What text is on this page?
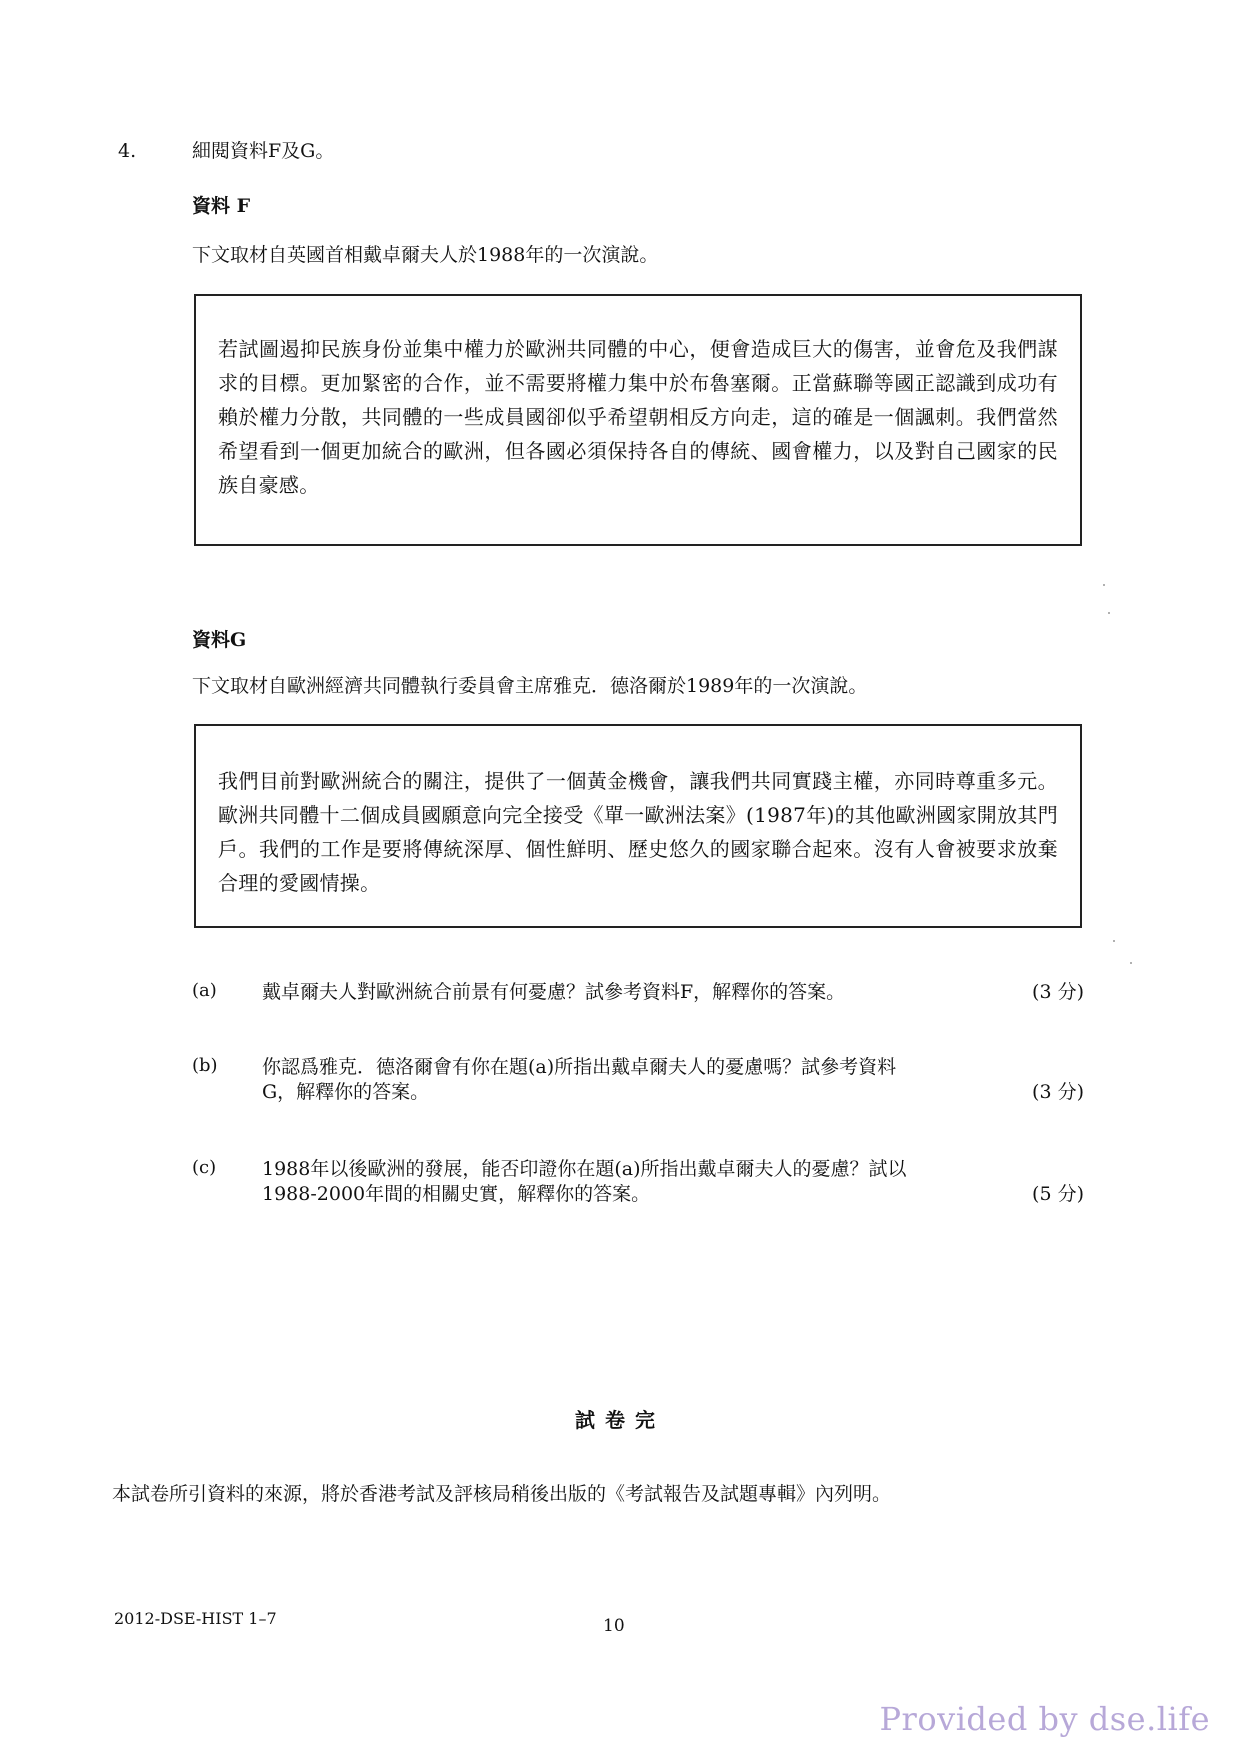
4.	細閱資料F及G。
資料 F
下文取材自英國首相戴卓爾夫人於1988年的一次演說。

若試圖遏抑民族身份並集中權力於歐洲共同體的中心，便會造成巨大的傷害，並會危及我們謀求的目標。更加緊密的合作，並不需要將權力集中於布魯塞爾。正當蘇聯等國正認識到成功有賴於權力分散，共同體的一些成員國卻似乎希望朝相反方向走，這的確是一個諷刺。我們當然希望看到一個更加統合的歐洲，但各國必須保持各自的傳統、國會權力，以及對自己國家的民族自豪感。

資料G
下文取材自歐洲經濟共同體執行委員會主席雅克．德洛爾於1989年的一次演說。

我們目前對歐洲統合的關注，提供了一個黃金機會，讓我們共同實踐主權，亦同時尊重多元。歐洲共同體十二個成員國願意向完全接受《單一歐洲法案》(1987年)的其他歐洲國家開放其門戶。我們的工作是要將傳統深厚、個性鮮明、歷史悠久的國家聯合起來。沒有人會被要求放棄合理的愛國情操。

(a) 戴卓爾夫人對歐洲統合前景有何憂慮？試參考資料F，解釋你的答案。	(3 分)
(b) 你認爲雅克．德洛爾會有你在題(a)所指出戴卓爾夫人的憂慮嗎？試參考資料
G，解釋你的答案。	(3 分)
(c) 1988年以後歐洲的發展，能否印證你在題(a)所指出戴卓爾夫人的憂慮？試以
1988-2000年間的相關史實，解釋你的答案。	(5 分)
試卷完
本試卷所引資料的來源，將於香港考試及評核局稍後出版的《考試報告及試題專輯》內列明。
2012-DSE-HIST 1–7	10
Provided by dse.life
